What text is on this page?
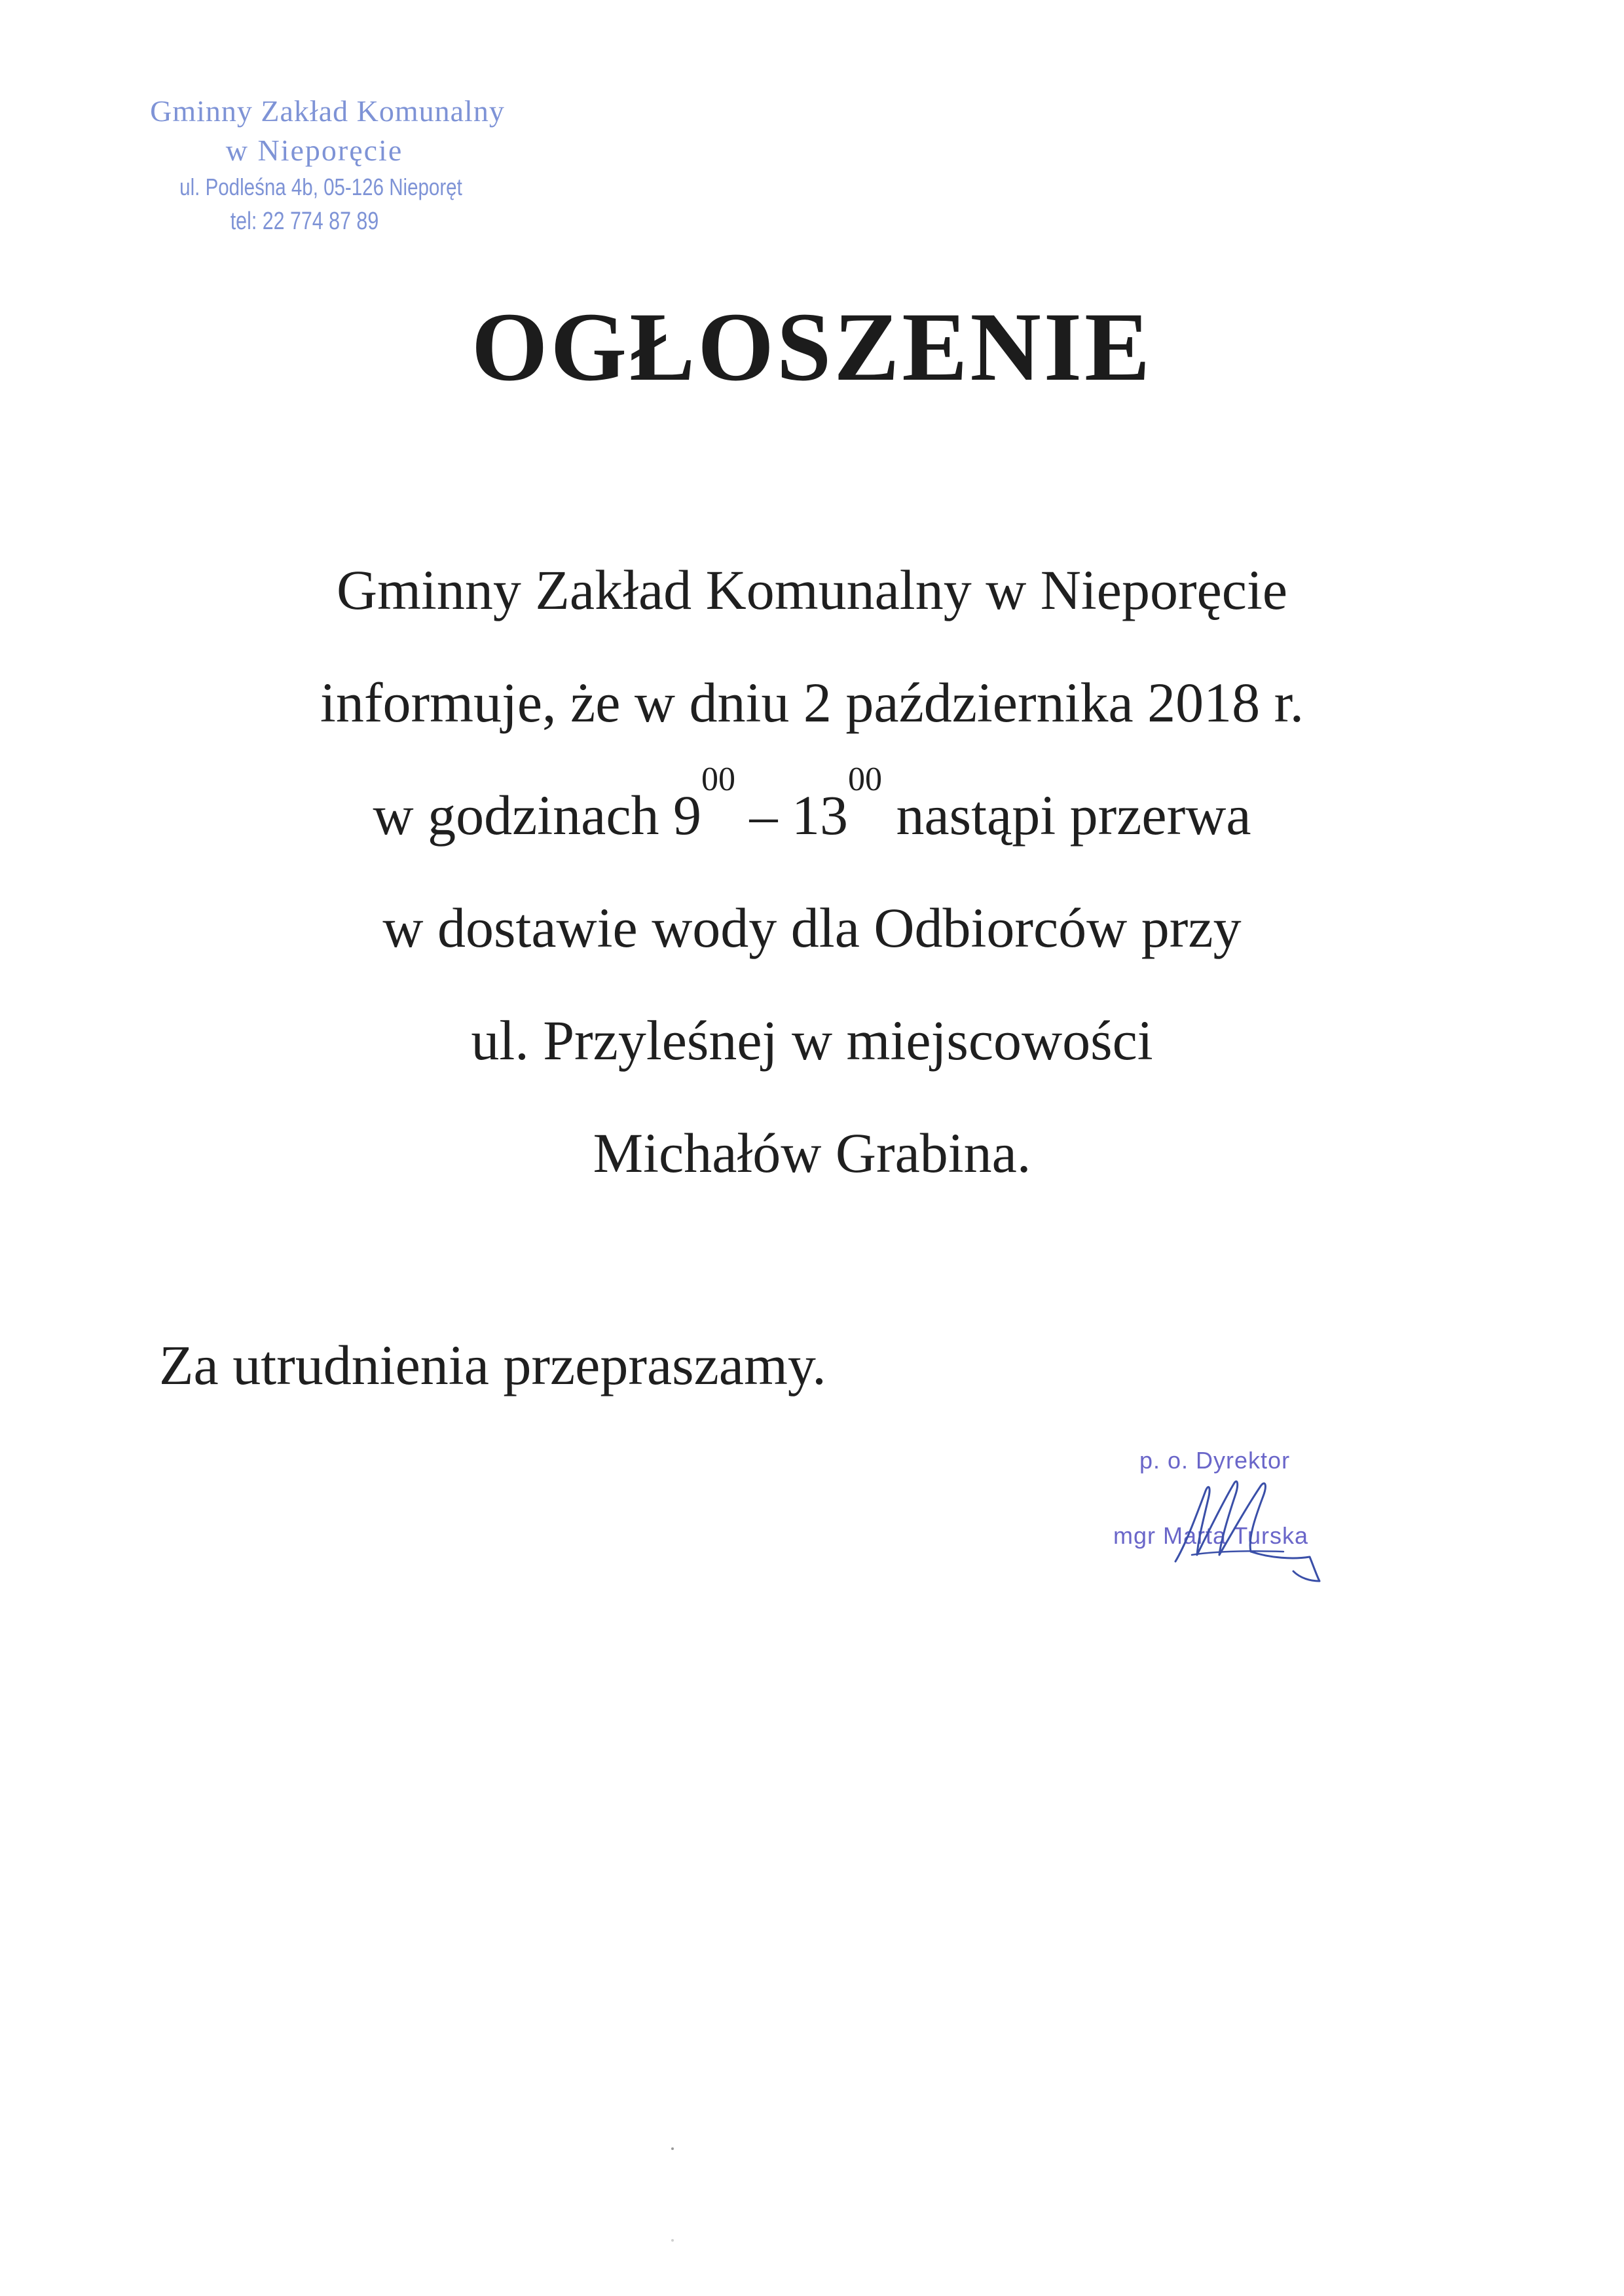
Gminny Zakład Komunalny
w Nieporęcie
ul. Podleśna 4b, 05-126 Nieporęt
tel: 22 774 87 89
OGŁOSZENIE
Gminny Zakład Komunalny w Nieporęcie
informuje, że w dniu 2 października 2018 r.
w godzinach $9^{00} - 13^{00}$ nastąpi przerwa
w dostawie wody dla Odbiorców przy
ul. Przyleśnej w miejscowości
Michałów Grabina.
Za utrudnienia przepraszamy.
p. o. Dyrektor
mgr Marta Turska
